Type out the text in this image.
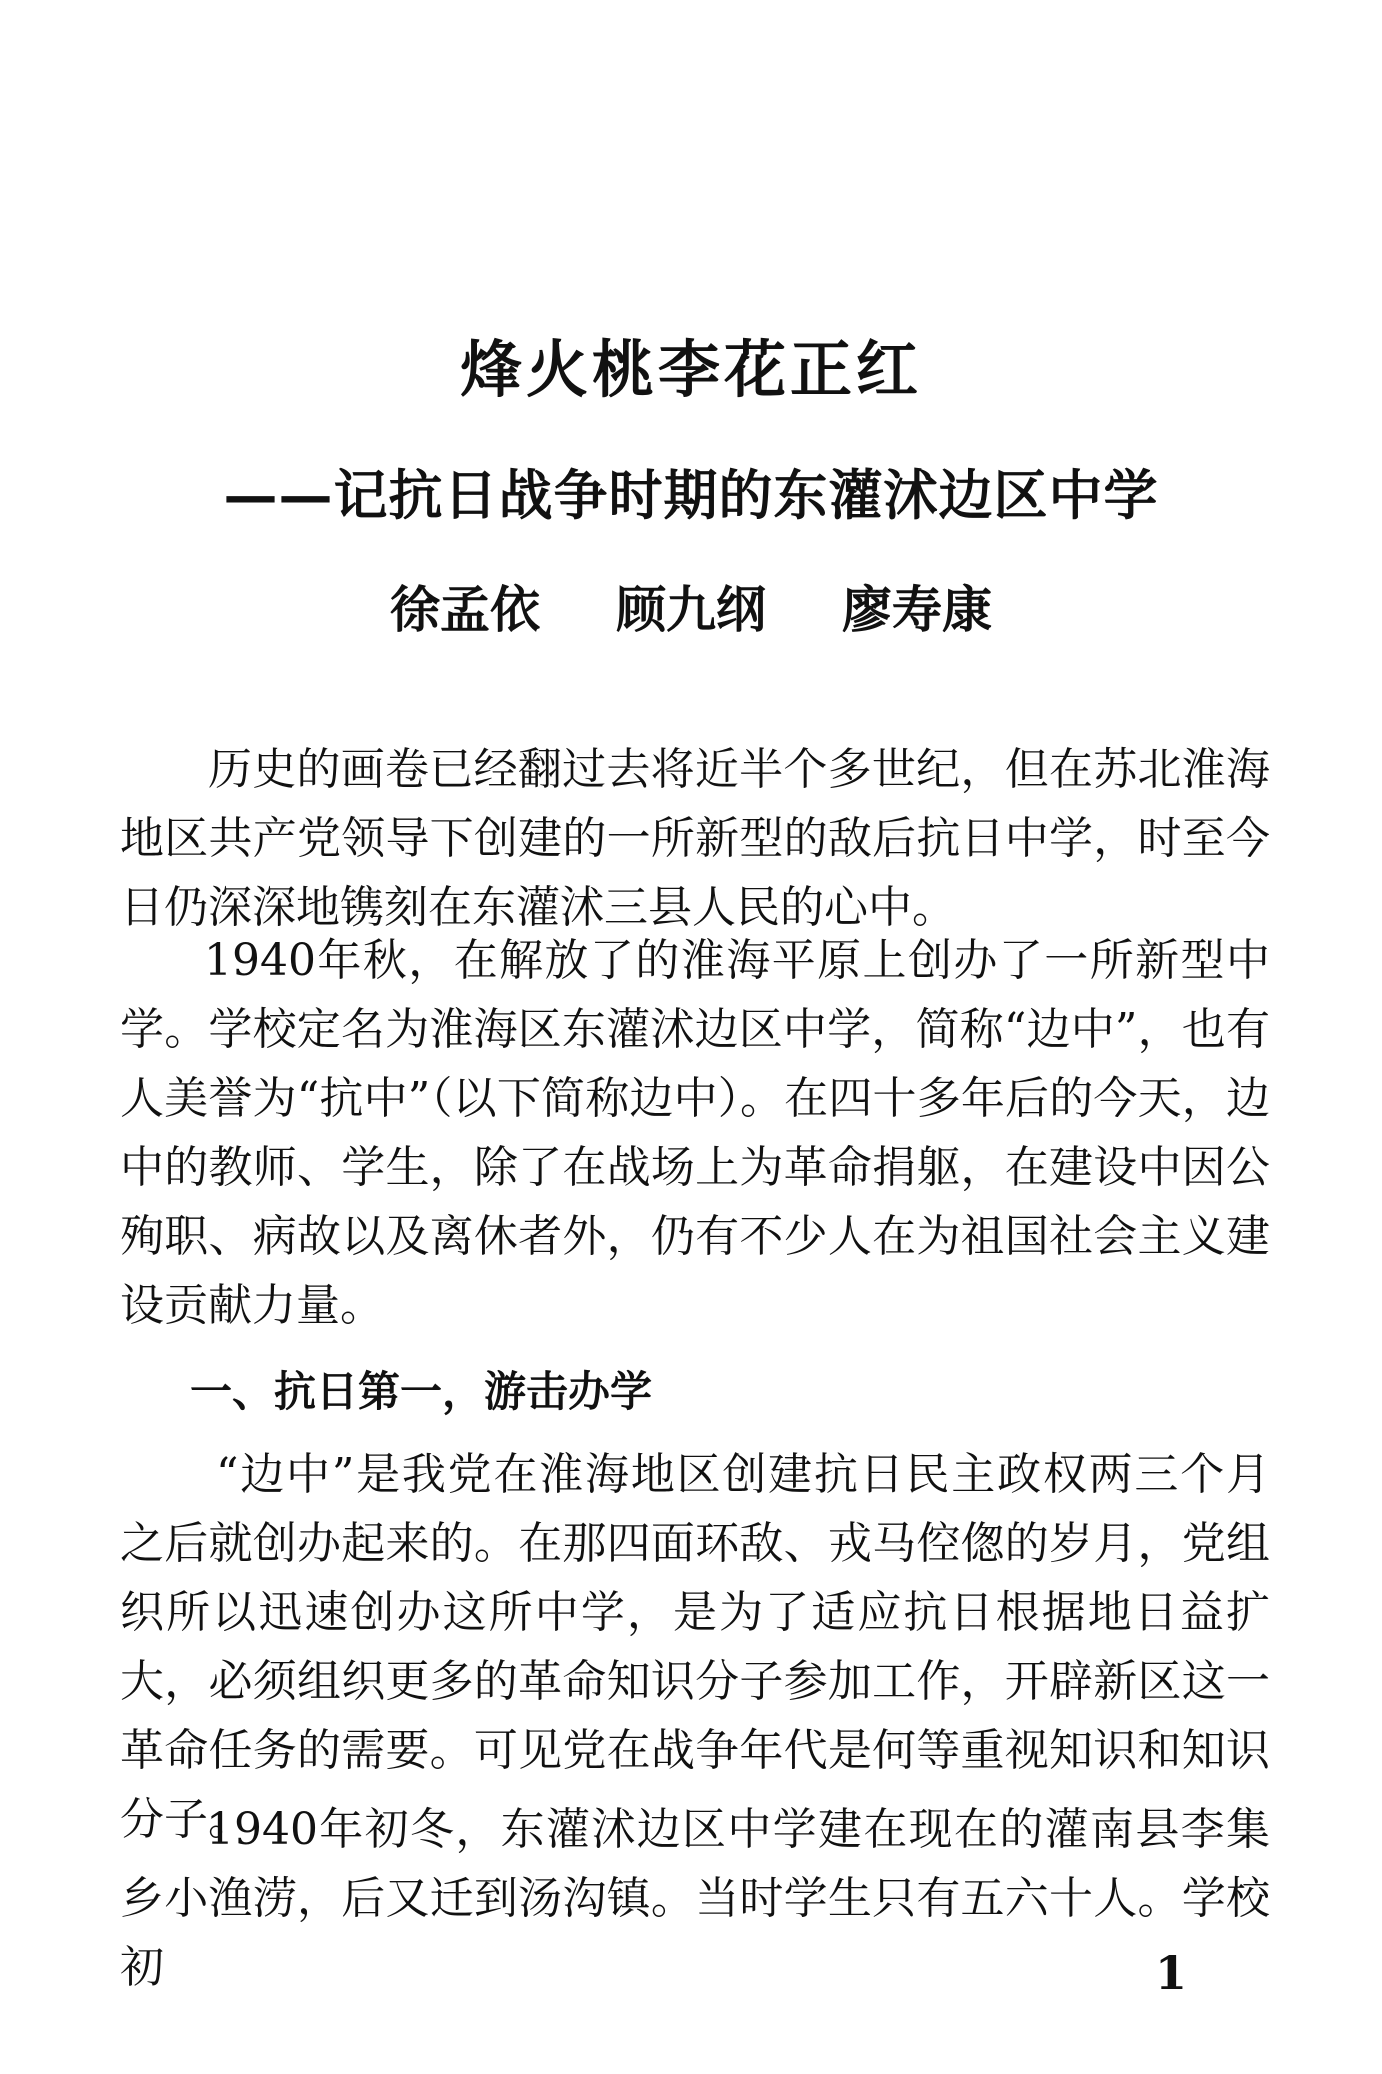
烽火桃李花正红
——记抗日战争时期的东灌沭边区中学
徐孟依 顾九纲 廖寿康

历史的画卷已经翻过去将近半个多世纪，但在苏北淮海地区共产党领导下创建的一所新型的敌后抗日中学，时至今日仍深深地镌刻在东灌沭三县人民的心中。

1940年秋，在解放了的淮海平原上创办了一所新型中学。学校定名为淮海区东灌沭边区中学，简称“边中”，也有人美誉为“抗中”（以下简称边中）。在四十多年后的今天，边中的教师、学生，除了在战场上为革命捐躯，在建设中因公殉职、病故以及离休者外，仍有不少人在为祖国社会主义建设贡献力量。

一、抗日第一，游击办学

“边中”是我党在淮海地区创建抗日民主政权两三个月之后就创办起来的。在那四面环敌、戎马倥偬的岁月，党组织所以迅速创办这所中学，是为了适应抗日根据地日益扩大，必须组织更多的革命知识分子参加工作，开辟新区这一革命任务的需要。可见党在战争年代是何等重视知识和知识分子。

1940年初冬，东灌沭边区中学建在现在的灌南县李集乡小渔涝，后又迁到汤沟镇。当时学生只有五六十人。学校初	1
